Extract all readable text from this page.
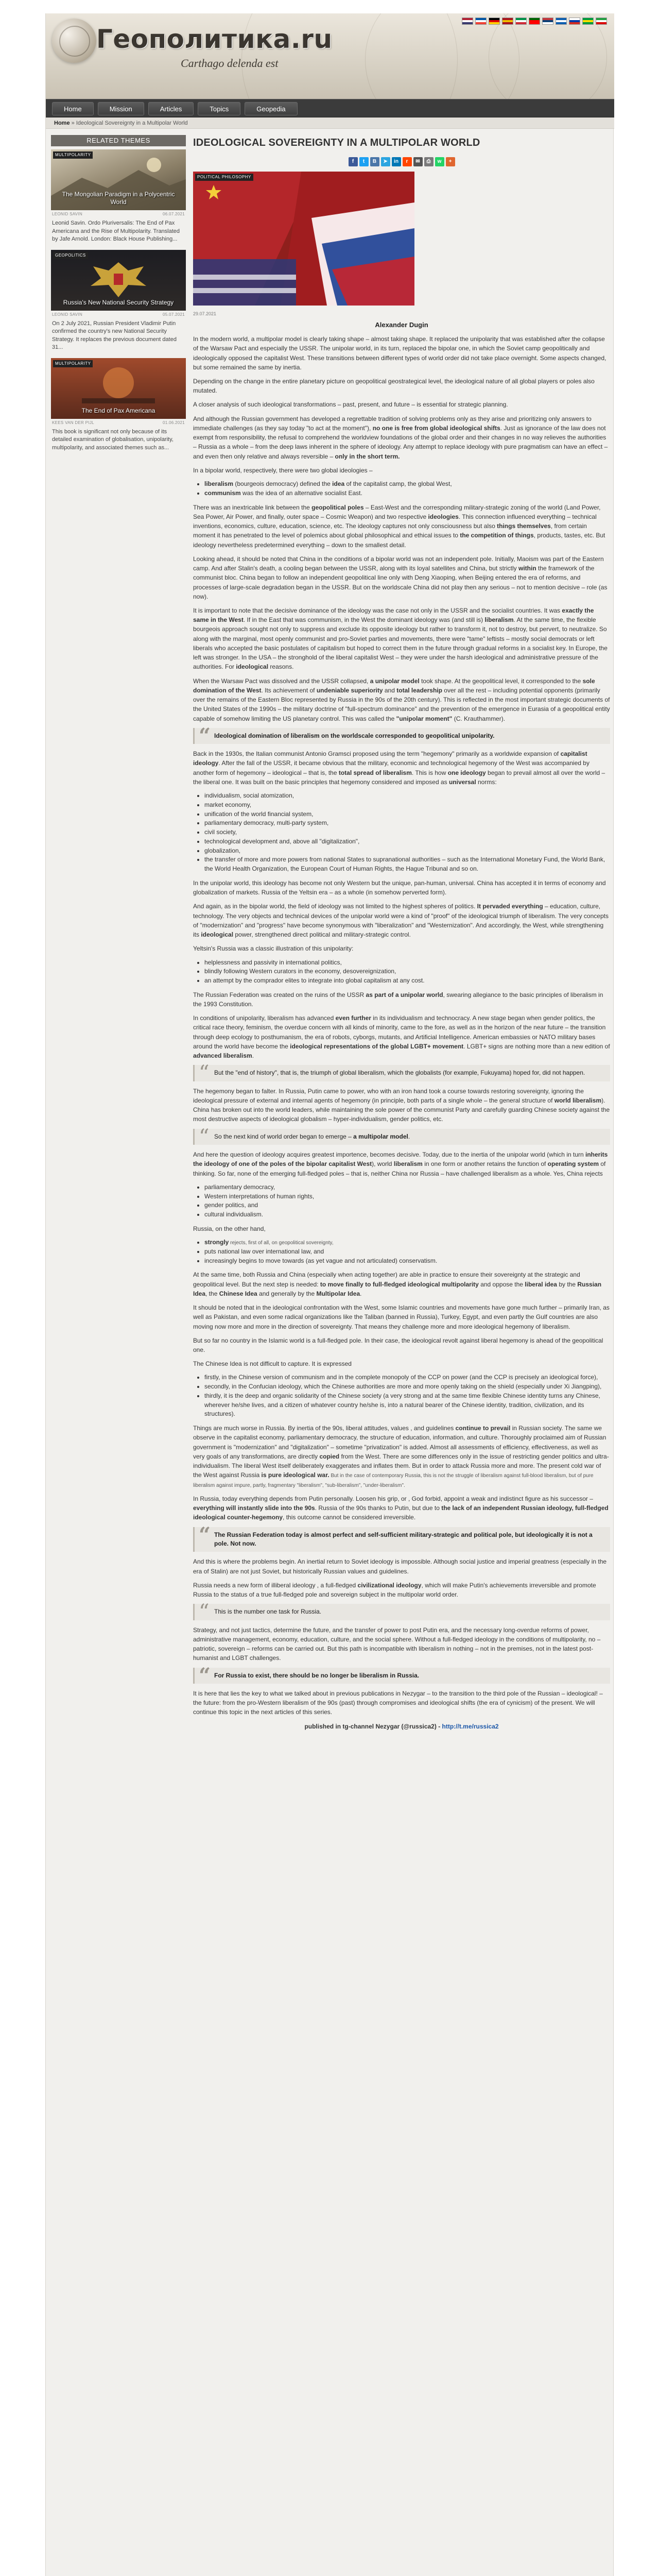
Геополитика.ru
Carthago delenda est
Home	Mission	Articles	Topics	Geopedia
Home » Ideological Sovereignty in a Multipolar World
RELATED THEMES
MULTIPOLARITY
The Mongolian Paradigm in a Polycentric World
LEONID SAVIN	06.07.2021
Leonid Savin. Ordo Pluriversalis: The End of Pax Americana and the Rise of Multipolarity. Translated by Jafe Arnold. London: Black House Publishing...
GEOPOLITICS
Russia's New National Security Strategy
LEONID SAVIN	05.07.2021
On 2 July 2021, Russian President Vladimir Putin confirmed the country's new National Security Strategy. It replaces the previous document dated 31...
MULTIPOLARITY
The End of Pax Americana
KEES VAN DER PIJL	01.06.2021
This book is significant not only because of its detailed examination of globalisation, unipolarity, multipolarity, and associated themes such as...
IDEOLOGICAL SOVEREIGNTY IN A MULTIPOLAR WORLD
f	t	B	➤	in	r	✉	⎙	w	+
POLITICAL PHILOSOPHY
29.07.2021
Alexander Dugin

In the modern world, a multipolar model is clearly taking shape – almost taking shape. It replaced the unipolarity that was established after the collapse of the Warsaw Pact and especially the USSR. The unipolar world, in its turn, replaced the bipolar one, in which the Soviet camp geopolitically and ideologically opposed the capitalist West. These transitions between different types of world order did not take place overnight. Some aspects changed, but some remained the same by inertia.

Depending on the change in the entire planetary picture on geopolitical geostrategical level, the ideological nature of all global players or poles also mutated.

A closer analysis of such ideological transformations – past, present, and future – is essential for strategic planning.

And although the Russian government has developed a regrettable tradition of solving problems only as they arise and prioritizing only answers to immediate challenges (as they say today "to act at the moment"), no one is free from global ideological shifts. Just as ignorance of the law does not exempt from responsibility, the refusal to comprehend the worldview foundations of the global order and their changes in no way relieves the authorities – Russia as a whole – from the deep laws inherent in the sphere of ideology. Any attempt to replace ideology with pure pragmatism can have an effect – and even then only relative and always reversible – only in the short term.

In a bipolar world, respectively, there were two global ideologies –

• liberalism (bourgeois democracy) defined the idea of the capitalist camp, the global West,
• communism was the idea of an alternative socialist East.

There was an inextricable link between the geopolitical poles – East-West and the corresponding military-strategic zoning of the world (Land Power, Sea Power, Air Power, and finally, outer space – Cosmic Weapon) and two respective ideologies. This connection influenced everything – technical inventions, economics, culture, education, science, etc. The ideology captures not only consciousness but also things themselves, from certain moment it has penetrated to the level of polemics about global philosophical and ethical issues to the competition of things, products, tastes, etc. But ideology nevertheless predetermined everything – down to the smallest detail.

Looking ahead, it should be noted that China in the conditions of a bipolar world was not an independent pole. Initially, Maoism was part of the Eastern camp. And after Stalin's death, a cooling began between the USSR, along with its loyal satellites and China, but strictly within the framework of the communist bloc. China began to follow an independent geopolitical line only with Deng Xiaoping, when Beijing entered the era of reforms, and processes of large-scale degradation began in the USSR. But on the worldscale China did not play then any serious – not to mention decisive – role (as now).

It is important to note that the decisive dominance of the ideology was the case not only in the USSR and the socialist countries. It was exactly the same in the West. If in the East that was communism, in the West the dominant ideology was (and still is) liberalism. At the same time, the flexible bourgeois approach sought not only to suppress and exclude its opposite ideology but rather to transform it, not to destroy, but pervert, to neutralize. So along with the marginal, most openly communist and pro-Soviet parties and movements, there were "tame" leftists – mostly social democrats or left liberals who accepted the basic postulates of capitalism but hoped to correct them in the future through gradual reforms in a socialist key. In Europe, the left was stronger. In the USA – the stronghold of the liberal capitalist West – they were under the harsh ideological and administrative pressure of the authorities. For ideological reasons.

When the Warsaw Pact was dissolved and the USSR collapsed, a unipolar model took shape. At the geopolitical level, it corresponded to the sole domination of the West. Its achievement of undeniable superiority and total leadership over all the rest – including potential opponents (primarily over the remains of the Eastern Bloc represented by Russia in the 90s of the 20th century). This is reflected in the most important strategic documents of the United States of the 1990s – the military doctrine of "full-spectrum dominance" and the prevention of the emergence in Eurasia of a geopolitical entity capable of somehow limiting the US planetary control. This was called the "unipolar moment" (C. Krauthammer).

“ Ideological domination of liberalism on the worldscale corresponded to geopolitical unipolarity.

Back in the 1930s, the Italian communist Antonio Gramsci proposed using the term "hegemony" primarily as a worldwide expansion of capitalist ideology. After the fall of the USSR, it became obvious that the military, economic and technological hegemony of the West was accompanied by another form of hegemony – ideological – that is, the total spread of liberalism. This is how one ideology began to prevail almost all over the world – the liberal one. It was built on the basic principles that hegemony considered and imposed as universal norms:

• individualism, social atomization,
• market economy,
• unification of the world financial system,
• parliamentary democracy, multi-party system,
• civil society,
• technological development and, above all "digitalization",
• globalization,
• the transfer of more and more powers from national States to supranational authorities – such as the International Monetary Fund, the World Bank, the World Health Organization, the European Court of Human Rights, the Hague Tribunal and so on.

In the unipolar world, this ideology has become not only Western but the unique, pan-human, universal. China has accepted it in terms of economy and globalization of markets. Russia of the Yeltsin era – as a whole (in somehow perverted form).

And again, as in the bipolar world, the field of ideology was not limited to the highest spheres of politics. It pervaded everything – education, culture, technology. The very objects and technical devices of the unipolar world were a kind of "proof" of the ideological triumph of liberalism. The very concepts of "modernization" and "progress" have become synonymous with "liberalization" and "Westernization". And accordingly, the West, while strengthening its ideological power, strengthened direct political and military-strategic control.

Yeltsin's Russia was a classic illustration of this unipolarity:

• helplessness and passivity in international politics,
• blindly following Western curators in the economy, desovereignization,
• an attempt by the comprador elites to integrate into global capitalism at any cost.

The Russian Federation was created on the ruins of the USSR as part of a unipolar world, swearing allegiance to the basic principles of liberalism in the 1993 Constitution.

In conditions of unipolarity, liberalism has advanced even further in its individualism and technocracy. A new stage began when gender politics, the critical race theory, feminism, the overdue concern with all kinds of minority, came to the fore, as well as in the horizon of the near future – the transition through deep ecology to posthumanism, the era of robots, cyborgs, mutants, and Artificial Intelligence. American embassies or NATO military bases around the world have become the ideological representations of the global LGBT+ movement. LGBT+ signs are nothing more than a new edition of advanced liberalism.

“ But the "end of history", that is, the triumph of global liberalism, which the globalists (for example, Fukuyama) hoped for, did not happen.

The hegemony began to falter. In Russia, Putin came to power, who with an iron hand took a course towards restoring sovereignty, ignoring the ideological pressure of external and internal agents of hegemony (in principle, both parts of a single whole – the general structure of world liberalism). China has broken out into the world leaders, while maintaining the sole power of the communist Party and carefully guarding Chinese society against the most destructive aspects of ideological globalism – hyper-individualism, gender politics, etc.

“ So the next kind of world order began to emerge – a multipolar model.

And here the question of ideology acquires greatest importence, becomes decisive. Today, due to the inertia of the unipolar world (which in turn inherits the ideology of one of the poles of the bipolar capitalist West), world liberalism in one form or another retains the function of operating system of thinking. So far, none of the emerging full-fledged poles – that is, neither China nor Russia – have challenged liberalism as a whole. Yes, China rejects

• parliamentary democracy,
• Western interpretations of human rights,
• gender politics, and
• cultural individualism.

Russia, on the other hand,

• strongly rejects, first of all, on geopolitical sovereignty,
• puts national law over international law, and
• increasingly begins to move towards (as yet vague and not articulated) conservatism.

At the same time, both Russia and China (especially when acting together) are able in practice to ensure their sovereignty at the strategic and geopolitical level. But the next step is needed: to move finally to full-fledged ideological multipolarity and oppose the liberal idea by the Russian Idea, the Chinese Idea and generally by the Multipolar Idea.

It should be noted that in the ideological confrontation with the West, some Islamic countries and movements have gone much further – primarily Iran, as well as Pakistan, and even some radical organizations like the Taliban (banned in Russia), Turkey, Egypt, and even partly the Gulf countries are also moving now more and more in the direction of sovereignty. That means they challenge more and more ideological hegemony of liberalism.

But so far no country in the Islamic world is a full-fledged pole. In their case, the ideological revolt against liberal hegemony is ahead of the geopolitical one.

The Chinese Idea is not difficult to capture. It is expressed

• firstly, in the Chinese version of communism and in the complete monopoly of the CCP on power (and the CCP is precisely an ideological force),
• secondly, in the Confucian ideology, which the Chinese authorities are more and more openly taking on the shield (especially under Xi Jiangping),
• thirdly, it is the deep and organic solidarity of the Chinese society (a very strong and at the same time flexible Chinese identity turns any Chinese, wherever he/she lives, and a citizen of whatever country he/she is, into a natural bearer of the Chinese identity, tradition, civilization, and its structures).

Things are much worse in Russia. By inertia of the 90s, liberal attitudes, values , and guidelines continue to prevail in Russian society. The same we observe in the capitalist economy, parliamentary democracy, the structure of education, information, and culture. Thoroughly proclaimed aim of Russian government is "modernization" and "digitalization" – sometime "privatization" is added. Almost all assessments of efficiency, effectiveness, as well as very goals of any transformations, are directly copied from the West. There are some differences only in the issue of restricting gender politics and ultra-individualism. The liberal West itself deliberately exaggerates and inflates them. But in order to attack Russia more and more. The present cold war of the West against Russia is pure ideological war. But in the case of contemporary Russia, this is not the struggle of liberalism against full-blood liberalism, but of pure liberalism against impure, partly, fragmentary "liberalism", "sub-liberalism", "under-liberalism".

In Russia, today everything depends from Putin personally. Loosen his grip, or , God forbid, appoint a weak and indistinct figure as his successor – everything will instantly slide into the 90s. Russia of the 90s thanks to Putin, but due to the lack of an independent Russian ideology, full-fledged ideological counter-hegemony, this outcome cannot be considered irreversible.

“ The Russian Federation today is almost perfect and self-sufficient military-strategic and political pole, but ideologically it is not a pole. Not now.

And this is where the problems begin. An inertial return to Soviet ideology is impossible. Although social justice and imperial greatness (especially in the era of Stalin) are not just Soviet, but historically Russian values and guidelines.

Russia needs a new form of illiberal ideology , a full-fledged civilizational ideology, which will make Putin's achievements irreversible and promote Russia to the status of a true full-fledged pole and sovereign subject in the multipolar world order.

“ This is the number one task for Russia.

Strategy, and not just tactics, determine the future, and the transfer of power to post Putin era, and the necessary long-overdue reforms of power, administrative management, economy, education, culture, and the social sphere. Without a full-fledged ideology in the conditions of multipolarity, no – patriotic, sovereign – reforms can be carried out. But this path is incompatible with liberalism in nothing – not in the premises, not in the latest post-humanist and LGBT challenges.

“ For Russia to exist, there should be no longer be liberalism in Russia.

It is here that lies the key to what we talked about in previous publications in Nezygar – to the transition to the third pole of the Russian – ideological! – the future: from the pro-Western liberalism of the 90s (past) through compromises and ideological shifts (the era of cynicism) of the present. We will continue this topic in the next articles of this series.

published in tg-channel Nezygar (@russica2) - http://t.me/russica2
